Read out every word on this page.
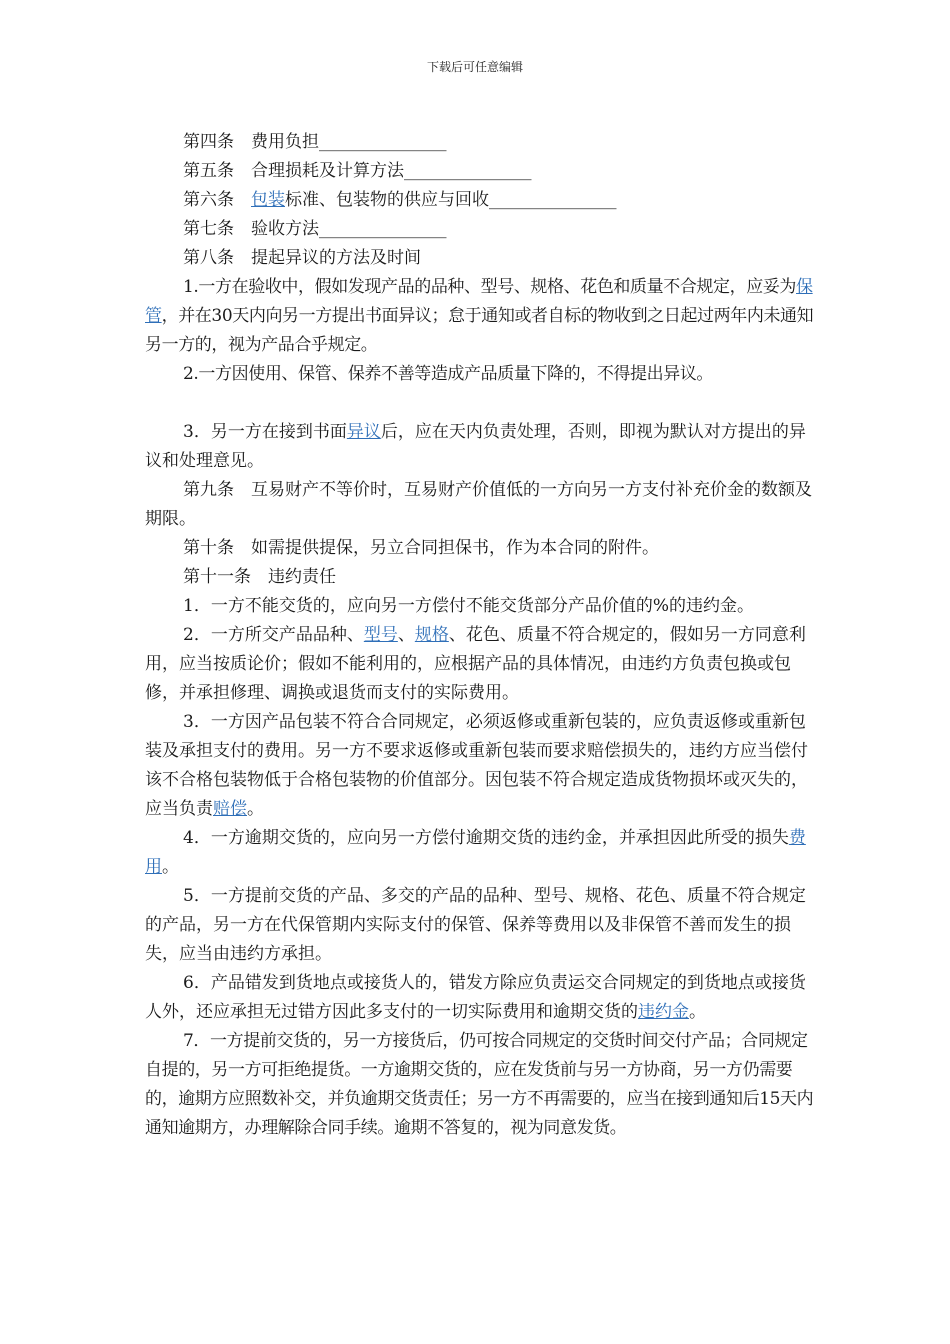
下载后可任意编辑

第四条　费用负担_______________

第五条　合理损耗及计算方法_______________

第六条　包装标准、包装物的供应与回收_______________

第七条　验收方法_______________

第八条　提起异议的方法及时间

1.一方在验收中，假如发现产品的品种、型号、规格、花色和质量不合规定，应妥为保管，并在30天内向另一方提出书面异议；怠于通知或者自标的物收到之日起过两年内未通知另一方的，视为产品合乎规定。

2.一方因使用、保管、保养不善等造成产品质量下降的，不得提出异议。

3．另一方在接到书面异议后，应在天内负责处理，否则，即视为默认对方提出的异议和处理意见。

第九条　互易财产不等价时，互易财产价值低的一方向另一方支付补充价金的数额及期限。

第十条　如需提供提保，另立合同担保书，作为本合同的附件。

第十一条　违约责任

1．一方不能交货的，应向另一方偿付不能交货部分产品价值的%的违约金。

2．一方所交产品品种、型号、规格、花色、质量不符合规定的，假如另一方同意利用，应当按质论价；假如不能利用的，应根据产品的具体情况，由违约方负责包换或包修，并承担修理、调换或退货而支付的实际费用。

3．一方因产品包装不符合合同规定，必须返修或重新包装的，应负责返修或重新包装及承担支付的费用。另一方不要求返修或重新包装而要求赔偿损失的，违约方应当偿付该不合格包装物低于合格包装物的价值部分。因包装不符合规定造成货物损坏或灭失的，应当负责赔偿。

4．一方逾期交货的，应向另一方偿付逾期交货的违约金，并承担因此所受的损失费用。

5．一方提前交货的产品、多交的产品的品种、型号、规格、花色、质量不符合规定的产品，另一方在代保管期内实际支付的保管、保养等费用以及非保管不善而发生的损失，应当由违约方承担。

6．产品错发到货地点或接货人的，错发方除应负责运交合同规定的到货地点或接货人外，还应承担无过错方因此多支付的一切实际费用和逾期交货的违约金。

7．一方提前交货的，另一方接货后，仍可按合同规定的交货时间交付产品；合同规定自提的，另一方可拒绝提货。一方逾期交货的，应在发货前与另一方协商，另一方仍需要的，逾期方应照数补交，并负逾期交货责任；另一方不再需要的，应当在接到通知后15天内通知逾期方，办理解除合同手续。逾期不答复的，视为同意发货。
